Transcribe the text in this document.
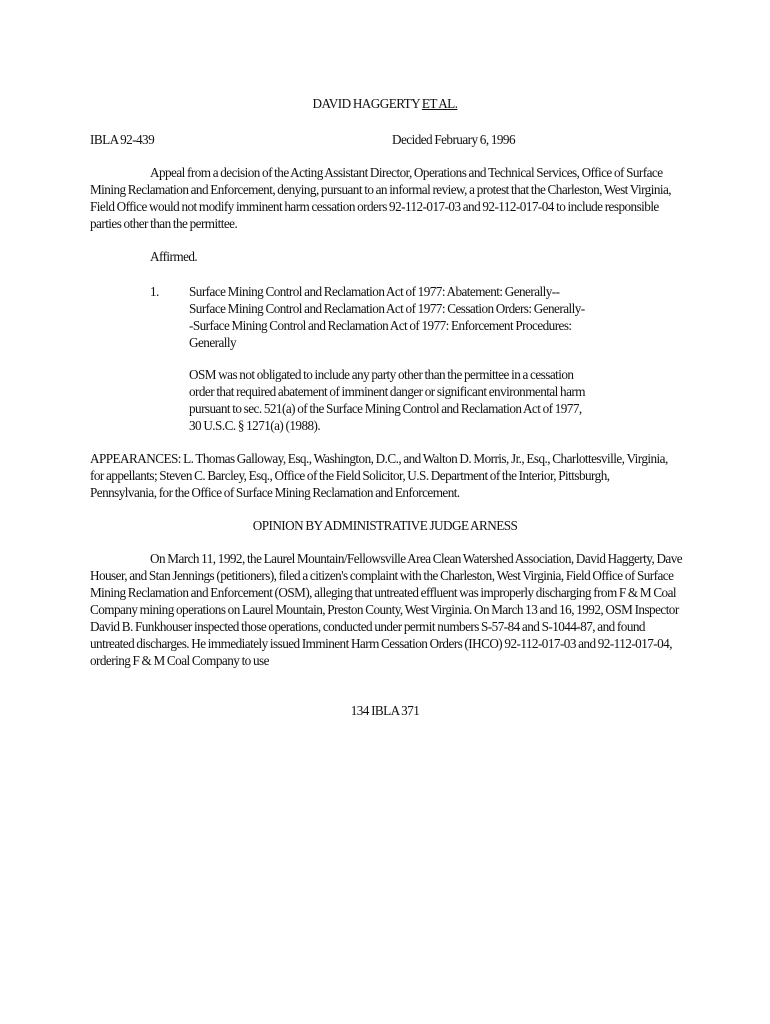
DAVID HAGGERTY ET AL.
IBLA 92-439	Decided February 6, 1996
Appeal from a decision of the Acting Assistant Director, Operations and Technical Services, Office of Surface
Mining Reclamation and Enforcement, denying, pursuant to an informal review, a protest that the Charleston, West Virginia,
Field Office would not modify imminent harm cessation orders 92-112-017-03 and 92-112-017-04 to include responsible
parties other than the permittee.
Affirmed.
1. Surface Mining Control and Reclamation Act of 1977: Abatement: Generally--
Surface Mining Control and Reclamation Act of 1977: Cessation Orders: Generally-
-Surface Mining Control and Reclamation Act of 1977: Enforcement Procedures:
Generally
OSM was not obligated to include any party other than the permittee in a cessation
order that required abatement of imminent danger or significant environmental harm
pursuant to sec. 521(a) of the Surface Mining Control and Reclamation Act of 1977,
30 U.S.C. § 1271(a) (1988).
APPEARANCES: L. Thomas Galloway, Esq., Washington, D.C., and Walton D. Morris, Jr., Esq., Charlottesville, Virginia,
for appellants; Steven C. Barcley, Esq., Office of the Field Solicitor, U.S. Department of the Interior, Pittsburgh,
Pennsylvania, for the Office of Surface Mining Reclamation and Enforcement.
OPINION BY ADMINISTRATIVE JUDGE ARNESS
On March 11, 1992, the Laurel Mountain/Fellowsville Area Clean Watershed Association, David Haggerty, Dave
Houser, and Stan Jennings (petitioners), filed a citizen's complaint with the Charleston, West Virginia, Field Office of Surface
Mining Reclamation and Enforcement (OSM), alleging that untreated effluent was improperly discharging from F & M Coal
Company mining operations on Laurel Mountain, Preston County, West Virginia. On March 13 and 16, 1992, OSM Inspector
David B. Funkhouser inspected those operations, conducted under permit numbers S-57-84 and S-1044-87, and found
untreated discharges. He immediately issued Imminent Harm Cessation Orders (IHCO) 92-112-017-03 and 92-112-017-04,
ordering F & M Coal Company to use
134 IBLA 371
